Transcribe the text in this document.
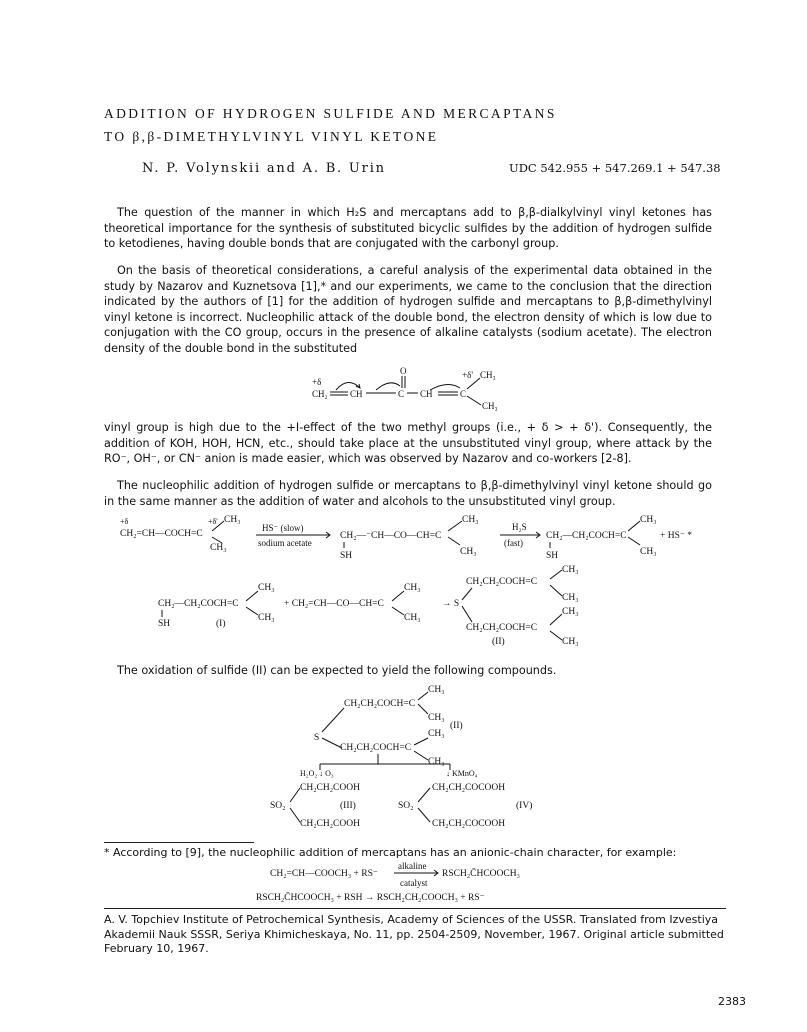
ADDITION OF HYDROGEN SULFIDE AND MERCAPTANS
TO β,β-DIMETHYLVINYL VINYL KETONE
N. P. Volynskii and A. B. Urin	UDC 542.955 + 547.269.1 + 547.38

The question of the manner in which H₂S and mercaptans add to β,β-dialkylvinyl vinyl ketones has theoretical importance for the synthesis of substituted bicyclic sulfides by the addition of hydrogen sulfide to ketodienes, having double bonds that are conjugated with the carbonyl group.

On the basis of theoretical considerations, a careful analysis of the experimental data obtained in the study by Nazarov and Kuznetsova [1],* and our experiments, we came to the conclusion that the direction indicated by the authors of [1] for the addition of hydrogen sulfide and mercaptans to β,β-dimethylvinyl vinyl ketone is incorrect. Nucleophilic attack of the double bond, the electron density of which is low due to conjugation with the CO group, occurs in the presence of alkaline catalysts (sodium acetate). The electron density of the double bond in the substituted

+δ
O	+δ' CH₃
CH₂ CH	C CH	C
CH₃

vinyl group is high due to the +I-effect of the two methyl groups (i.e., + δ > + δ'). Consequently, the addition of KOH, HOH, HCN, etc., should take place at the unsubstituted vinyl group, where attack by the RO⁻, OH⁻, or CN⁻ anion is made easier, which was observed by Nazarov and co-workers [2-8].

The nucleophilic addition of hydrogen sulfide or mercaptans to β,β-dimethylvinyl vinyl ketone should go in the same manner as the addition of water and alcohols to the unsubstituted vinyl group.

+δ	+δ' CH₃
CH₂=CH—COCH=C
CH₃
HS⁻ (slow)
sodium acetate
CH₂—⁻CH—CO—CH=C
SH
CH₃
CH₃
H₂S
(fast)
CH₂—CH₂COCH=C
SH
CH₃
CH₃
+ HS⁻ *
CH₃
CH₂—CH₂COCH=C
CH₃
SH	(I)
+ CH₂=CH—CO—CH=C
CH₃
CH₃
→ S
CH₃
CH₂CH₂COCH=C
CH₃
CH₃
CH₂CH₂COCH=C
CH₃
(II)

The oxidation of sulfide (II) can be expected to yield the following compounds.

CH₃
CH₂CH₂COCH=C
S
CH₃
(II)
CH₃
CH₂CH₂COCH=C
CH₃
H₂O₂ ↓ O₃	↓ KMnO₄
CH₂CH₂COOH
SO₂	(III)
CH₂CH₂COOH
CH₂CH₂COCOOH
SO₂	(IV)
CH₂CH₂COCOOH

* According to [9], the nucleophilic addition of mercaptans has an anionic-chain character, for example:

CH₂=CH—COOCH₃ + RS⁻
alkaline
catalyst
RSCH₂C̄HCOOCH₃
RSCH₂C̄HCOOCH₃ + RSH → RSCH₂CH₂COOCH₃ + RS⁻

A. V. Topchiev Institute of Petrochemical Synthesis, Academy of Sciences of the USSR. Translated from Izvestiya Akademii Nauk SSSR, Seriya Khimicheskaya, No. 11, pp. 2504-2509, November, 1967. Original article submitted February 10, 1967.

2383
